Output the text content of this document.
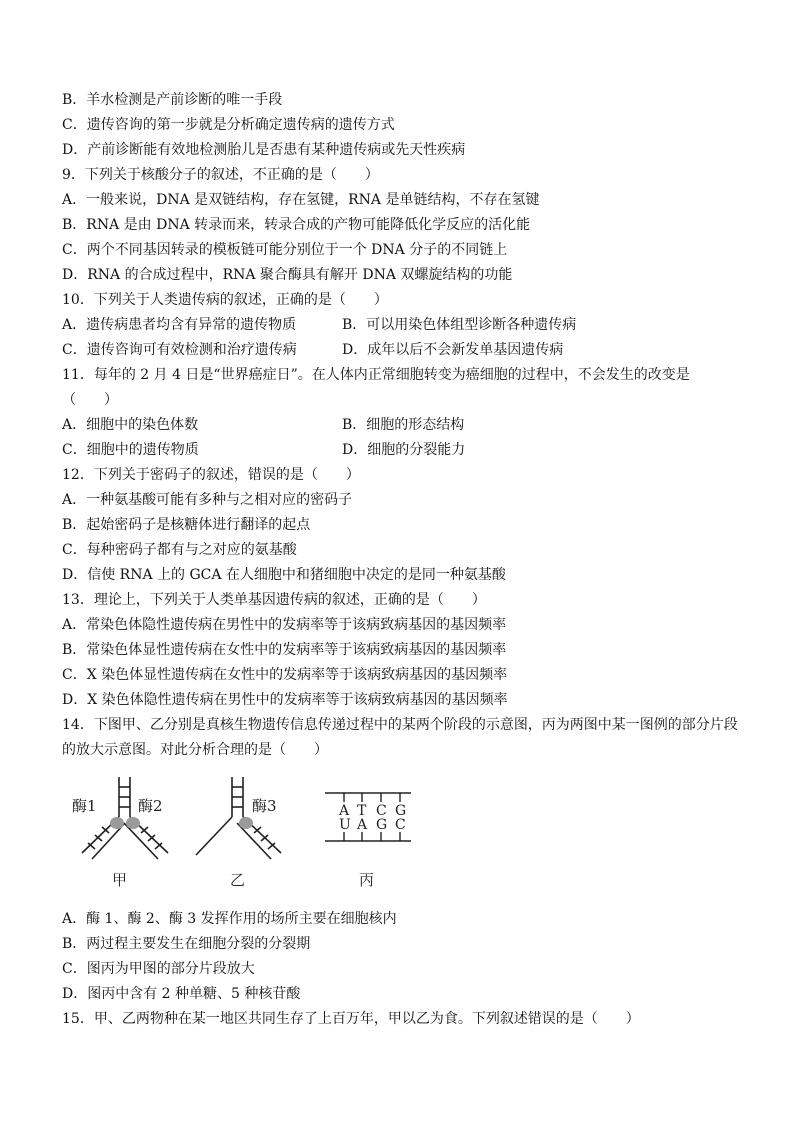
B．羊水检测是产前诊断的唯一手段
C．遗传咨询的第一步就是分析确定遗传病的遗传方式
D．产前诊断能有效地检测胎儿是否患有某种遗传病或先天性疾病
9．下列关于核酸分子的叙述，不正确的是（　　）
A．一般来说，DNA 是双链结构，存在氢键，RNA 是单链结构，不存在氢键
B．RNA 是由 DNA 转录而来，转录合成的产物可能降低化学反应的活化能
C．两个不同基因转录的模板链可能分别位于一个 DNA 分子的不同链上
D．RNA 的合成过程中，RNA 聚合酶具有解开 DNA 双螺旋结构的功能
10．下列关于人类遗传病的叙述，正确的是（　　）
A．遗传病患者均含有异常的遗传物质	B．可以用染色体组型诊断各种遗传病
C．遗传咨询可有效检测和治疗遗传病	D．成年以后不会新发单基因遗传病
11．每年的 2 月 4 日是“世界癌症日”。在人体内正常细胞转变为癌细胞的过程中，不会发生的改变是
（　　）
A．细胞中的染色体数	B．细胞的形态结构
C．细胞中的遗传物质	D．细胞的分裂能力
12．下列关于密码子的叙述，错误的是（　　）
A．一种氨基酸可能有多种与之相对应的密码子
B．起始密码子是核糖体进行翻译的起点
C．每种密码子都有与之对应的氨基酸
D．信使 RNA 上的 GCA 在人细胞中和猪细胞中决定的是同一种氨基酸
13．理论上，下列关于人类单基因遗传病的叙述，正确的是（　　）
A．常染色体隐性遗传病在男性中的发病率等于该病致病基因的基因频率
B．常染色体显性遗传病在女性中的发病率等于该病致病基因的基因频率
C．X 染色体显性遗传病在女性中的发病率等于该病致病基因的基因频率
D．X 染色体隐性遗传病在男性中的发病率等于该病致病基因的基因频率
14．下图甲、乙分别是真核生物遗传信息传递过程中的某两个阶段的示意图，丙为两图中某一图例的部分片段
的放大示意图。对此分析合理的是（　　）
酶1	酶2
甲
酶3
乙
A T C G
U A G C
丙
A．酶 1、酶 2、酶 3 发挥作用的场所主要在细胞核内
B．两过程主要发生在细胞分裂的分裂期
C．图丙为甲图的部分片段放大
D．图丙中含有 2 种单糖、5 种核苷酸
15．甲、乙两物种在某一地区共同生存了上百万年，甲以乙为食。下列叙述错误的是（　　）
